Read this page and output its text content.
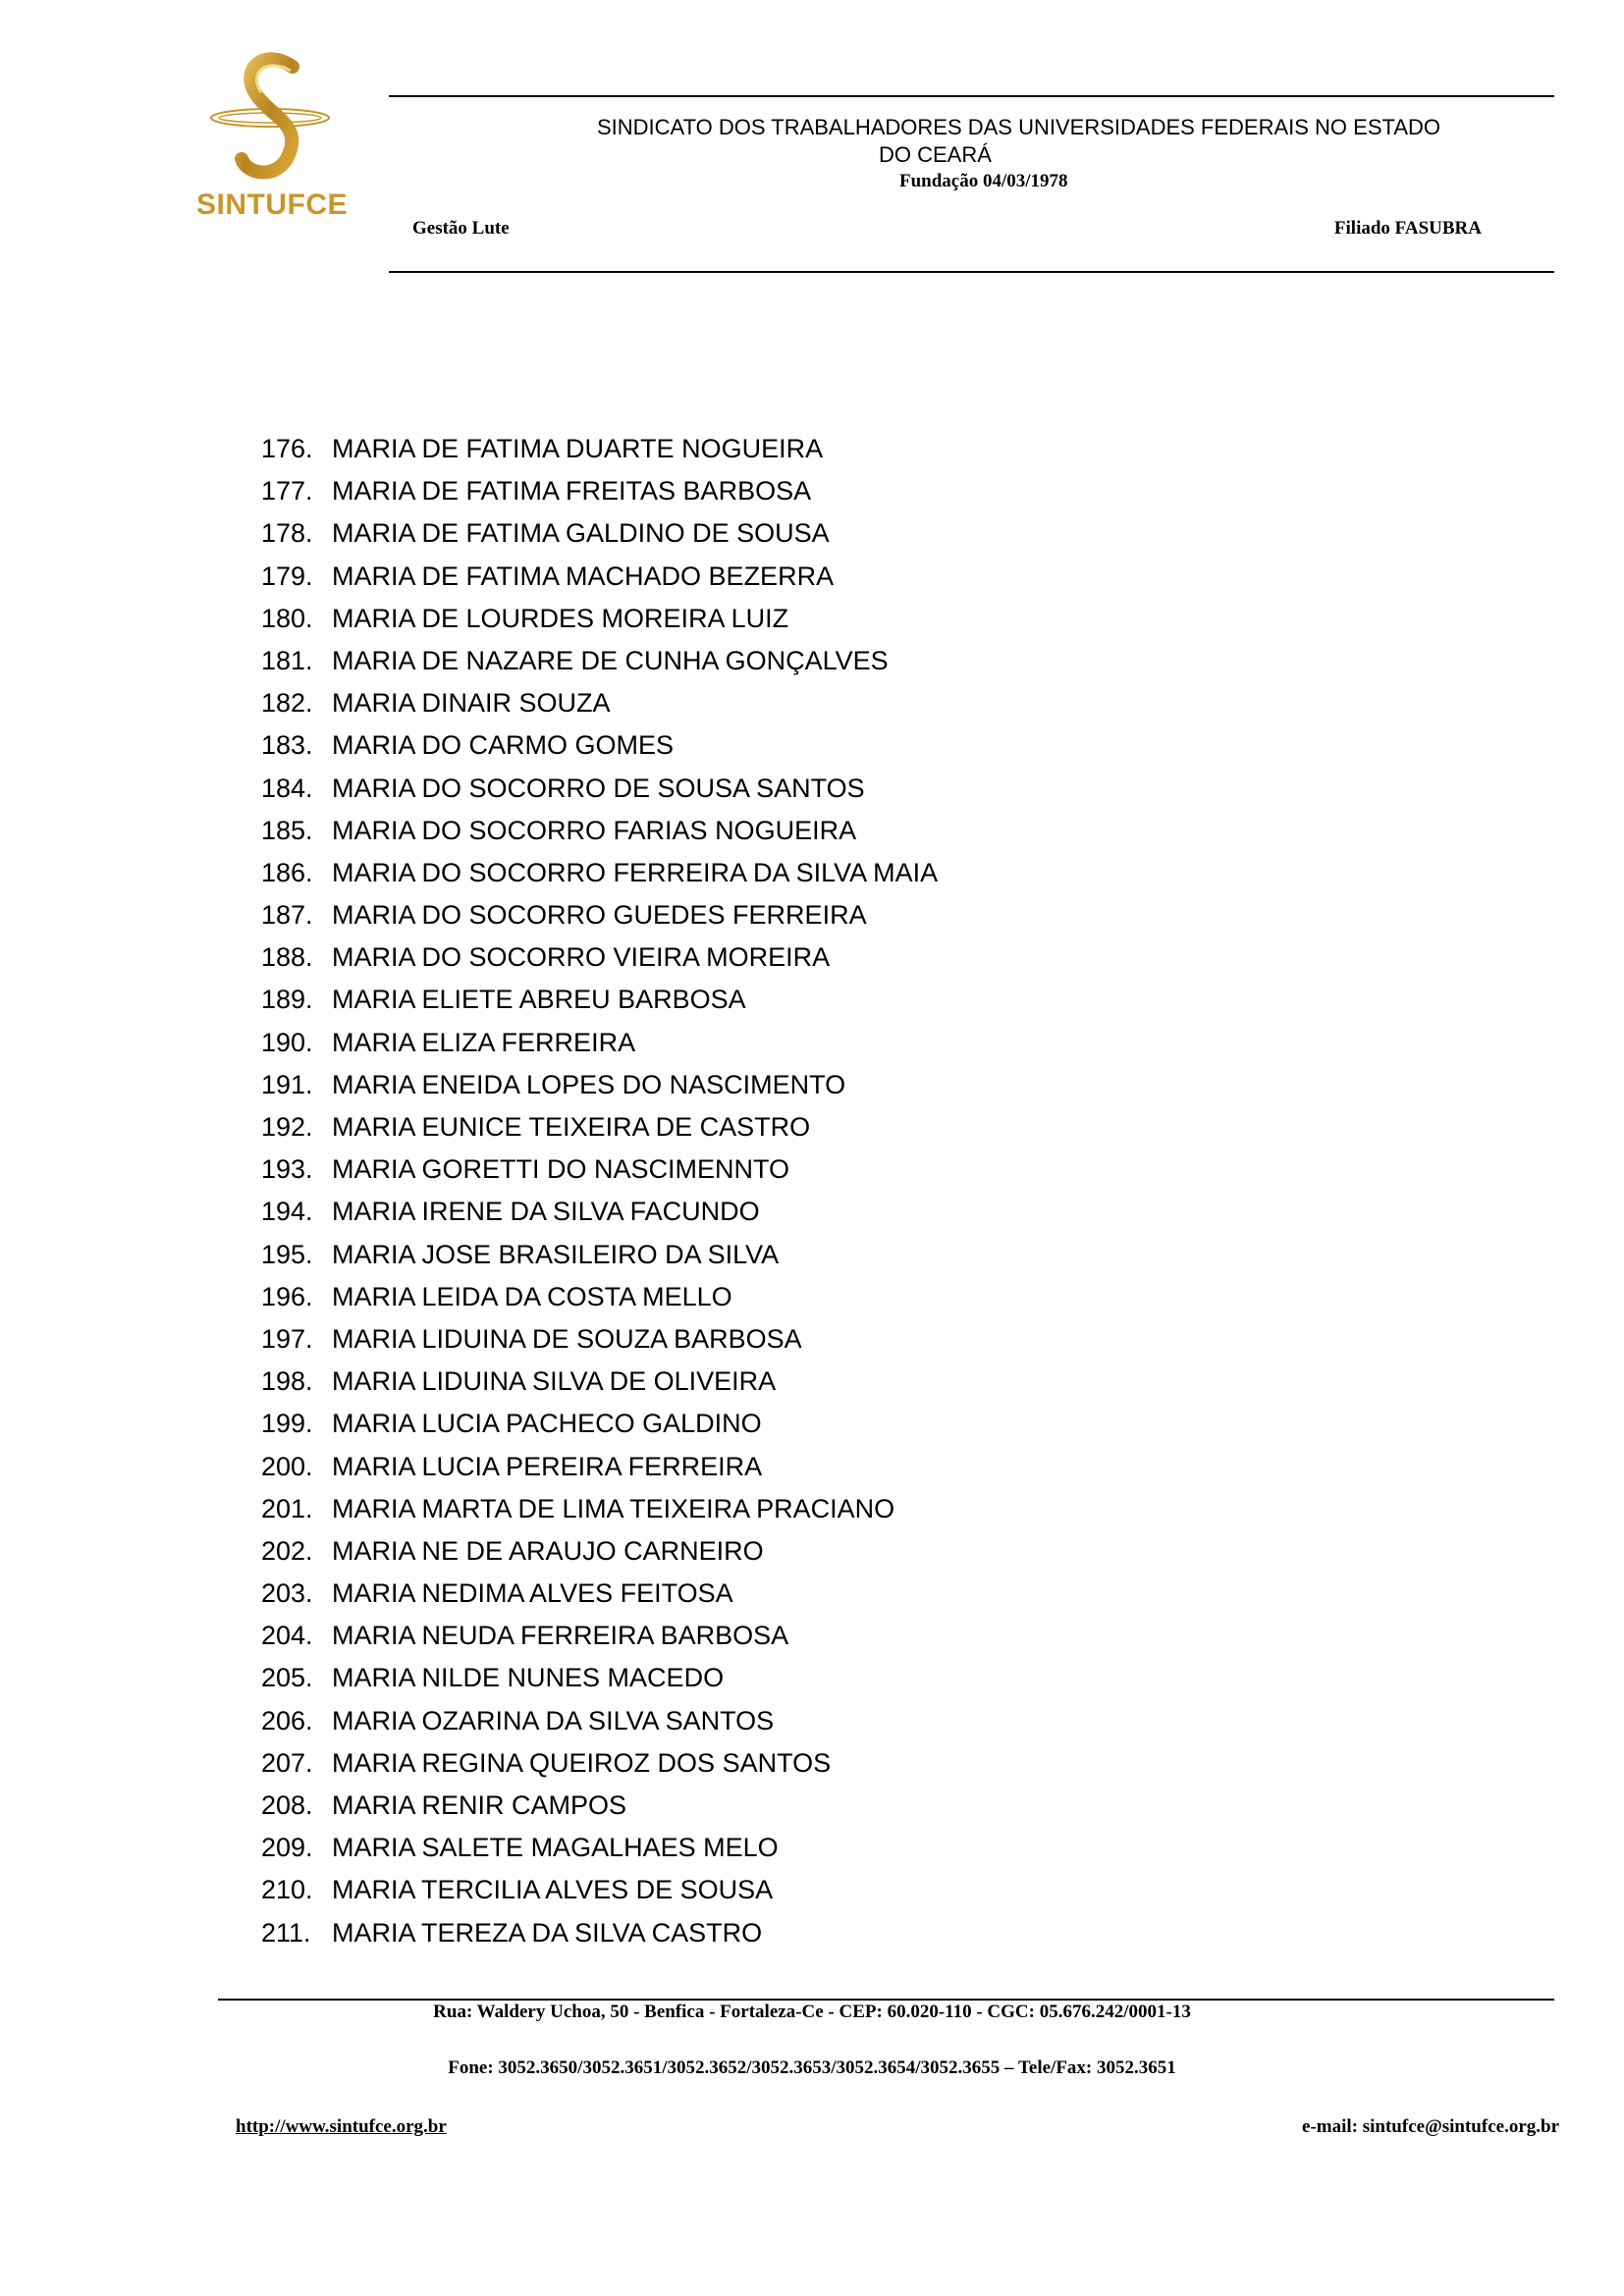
SINTUFCE
SINDICATO DOS TRABALHADORES DAS UNIVERSIDADES FEDERAIS NO ESTADO
DO CEARÁ
Fundação 04/03/1978
Gestão Lute	Filiado FASUBRA
176. MARIA DE FATIMA DUARTE NOGUEIRA
177. MARIA DE FATIMA FREITAS BARBOSA
178. MARIA DE FATIMA GALDINO DE SOUSA
179. MARIA DE FATIMA MACHADO BEZERRA
180. MARIA DE LOURDES MOREIRA LUIZ
181. MARIA DE NAZARE DE CUNHA GONÇALVES
182. MARIA DINAIR SOUZA
183. MARIA DO CARMO GOMES
184. MARIA DO SOCORRO DE SOUSA SANTOS
185. MARIA DO SOCORRO FARIAS NOGUEIRA
186. MARIA DO SOCORRO FERREIRA DA SILVA MAIA
187. MARIA DO SOCORRO GUEDES FERREIRA
188. MARIA DO SOCORRO VIEIRA MOREIRA
189. MARIA ELIETE ABREU BARBOSA
190. MARIA ELIZA FERREIRA
191. MARIA ENEIDA LOPES DO NASCIMENTO
192. MARIA EUNICE TEIXEIRA DE CASTRO
193. MARIA GORETTI DO NASCIMENNTO
194. MARIA IRENE DA SILVA FACUNDO
195. MARIA JOSE BRASILEIRO DA SILVA
196. MARIA LEIDA DA COSTA MELLO
197. MARIA LIDUINA DE SOUZA BARBOSA
198. MARIA LIDUINA SILVA DE OLIVEIRA
199. MARIA LUCIA PACHECO GALDINO
200. MARIA LUCIA PEREIRA FERREIRA
201. MARIA MARTA DE LIMA TEIXEIRA PRACIANO
202. MARIA NE DE ARAUJO CARNEIRO
203. MARIA NEDIMA ALVES FEITOSA
204. MARIA NEUDA FERREIRA BARBOSA
205. MARIA NILDE NUNES MACEDO
206. MARIA OZARINA DA SILVA SANTOS
207. MARIA REGINA QUEIROZ DOS SANTOS
208. MARIA RENIR CAMPOS
209. MARIA SALETE MAGALHAES MELO
210. MARIA TERCILIA ALVES DE SOUSA
211. MARIA TEREZA DA SILVA CASTRO
Rua: Waldery Uchoa, 50 - Benfica - Fortaleza-Ce - CEP: 60.020-110 - CGC: 05.676.242/0001-13
Fone: 3052.3650/3052.3651/3052.3652/3052.3653/3052.3654/3052.3655 – Tele/Fax: 3052.3651
http://www.sintufce.org.br	e-mail: sintufce@sintufce.org.br
